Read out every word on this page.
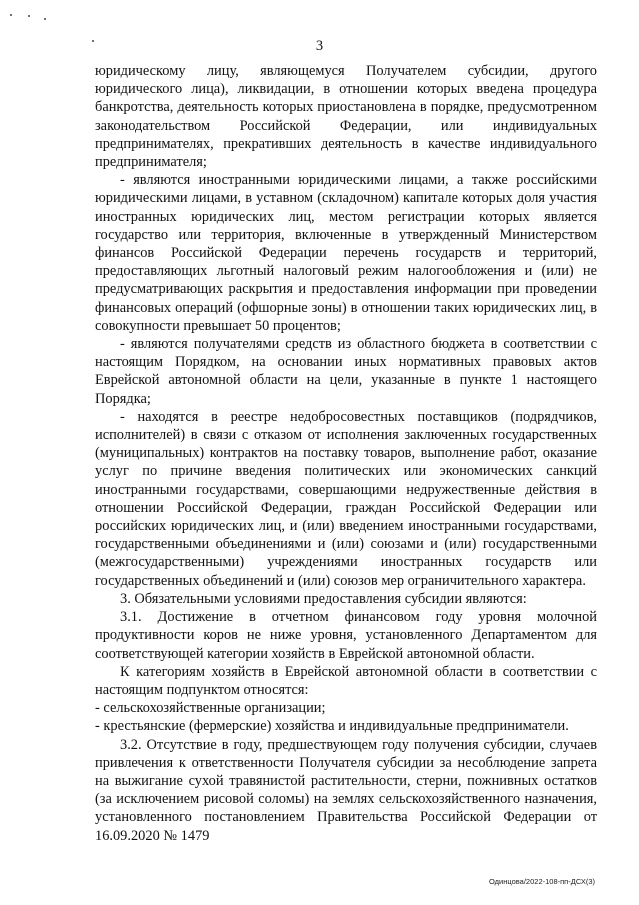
3

юридическому лицу, являющемуся Получателем субсидии, другого юридического лица), ликвидации, в отношении которых введена процедура банкротства, деятельность которых приостановлена в порядке, предусмотренном законодательством Российской Федерации, или индивидуальных предпринимателях, прекративших деятельность в качестве индивидуального предпринимателя;

- являются иностранными юридическими лицами, а также российскими юридическими лицами, в уставном (складочном) капитале которых доля участия иностранных юридических лиц, местом регистрации которых является государство или территория, включенные в утвержденный Министерством финансов Российской Федерации перечень государств и территорий, предоставляющих льготный налоговый режим налогообложения и (или) не предусматривающих раскрытия и предоставления информации при проведении финансовых операций (офшорные зоны) в отношении таких юридических лиц, в совокупности превышает 50 процентов;

- являются получателями средств из областного бюджета в соответствии с настоящим Порядком, на основании иных нормативных правовых актов Еврейской автономной области на цели, указанные в пункте 1 настоящего Порядка;

- находятся в реестре недобросовестных поставщиков (подрядчиков, исполнителей) в связи с отказом от исполнения заключенных государственных (муниципальных) контрактов на поставку товаров, выполнение работ, оказание услуг по причине введения политических или экономических санкций иностранными государствами, совершающими недружественные действия в отношении Российской Федерации, граждан Российской Федерации или российских юридических лиц, и (или) введением иностранными государствами, государственными объединениями и (или) союзами и (или) государственными (межгосударственными) учреждениями иностранных государств или государственных объединений и (или) союзов мер ограничительного характера.

3. Обязательными условиями предоставления субсидии являются:

3.1. Достижение в отчетном финансовом году уровня молочной продуктивности коров не ниже уровня, установленного Департаментом для соответствующей категории хозяйств в Еврейской автономной области.

К категориям хозяйств в Еврейской автономной области в соответствии с настоящим подпунктом относятся:

- сельскохозяйственные организации;

- крестьянские (фермерские) хозяйства и индивидуальные предприниматели.

3.2. Отсутствие в году, предшествующем году получения субсидии, случаев привлечения к ответственности Получателя субсидии за несоблюдение запрета на выжигание сухой травянистой растительности, стерни, пожнивных остатков (за исключением рисовой соломы) на землях сельскохозяйственного назначения, установленного постановлением Правительства Российской Федерации от 16.09.2020 № 1479

Одинцова/2022-108-пп-ДСХ(3)
